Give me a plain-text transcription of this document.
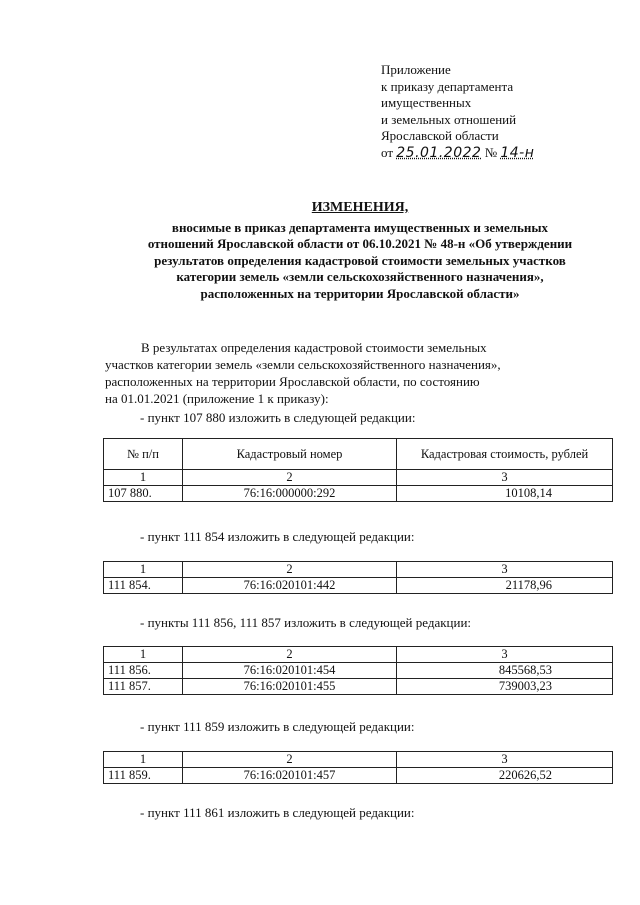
Приложение
к приказу департамента
имущественных
и земельных отношений
Ярославской области
от 25.01.2022 № 14-н
ИЗМЕНЕНИЯ,
вносимые в приказ департамента имущественных и земельных
отношений Ярославской области от 06.10.2021 № 48-н «Об утверждении
результатов определения кадастровой стоимости земельных участков
категории земель «земли сельскохозяйственного назначения»,
расположенных на территории Ярославской области»
В результатах определения кадастровой стоимости земельных
участков категории земель «земли сельскохозяйственного назначения»,
расположенных на территории Ярославской области, по состоянию
на 01.01.2021 (приложение 1 к приказу):
- пункт 107 880 изложить в следующей редакции:
№ п/п	Кадастровый номер	Кадастровая стоимость, рублей
1	2	3
107 880.	76:16:000000:292	10108,14
- пункт 111 854 изложить в следующей редакции:
1	2	3
111 854.	76:16:020101:442	21178,96
- пункты 111 856, 111 857 изложить в следующей редакции:
1	2	3
111 856.	76:16:020101:454	845568,53
111 857.	76:16:020101:455	739003,23
- пункт 111 859 изложить в следующей редакции:
1	2	3
111 859.	76:16:020101:457	220626,52
- пункт 111 861 изложить в следующей редакции:
